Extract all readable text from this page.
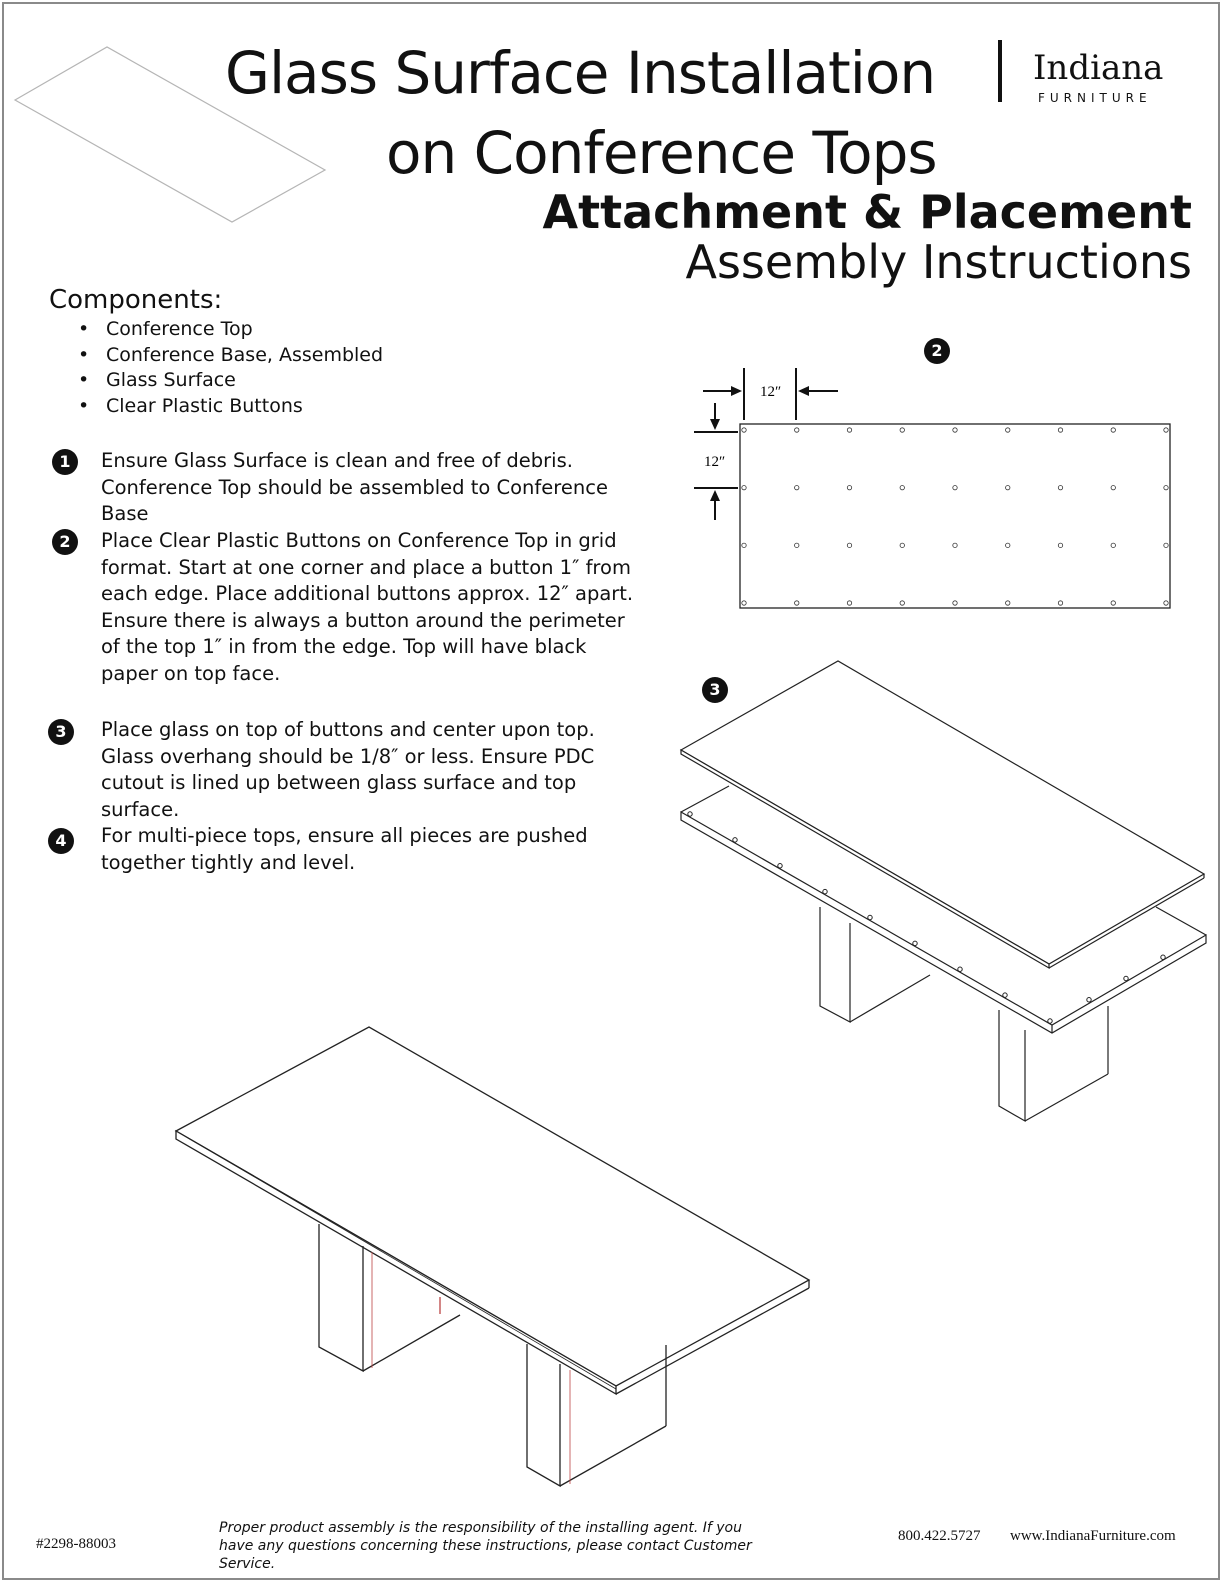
12″
12″
Glass Surface Installation
on Conference Tops
Indiana
FURNITURE
Attachment & Placement
Assembly Instructions
Components:
• Conference Top
• Conference Base, Assembled
• Glass Surface
• Clear Plastic Buttons
1	Ensure Glass Surface is clean and free of debris. Conference Top should be assembled to Conference Base
2	Place Clear Plastic Buttons on Conference Top in grid format. Start at one corner and place a button 1″ from each edge. Place additional buttons approx. 12″ apart. Ensure there is always a button around the perimeter of the top 1″ in from the edge. Top will have black paper on top face.
3	Place glass on top of buttons and center upon top. Glass overhang should be 1/8″ or less. Ensure PDC cutout is lined up between glass surface and top surface.
4	For multi-piece tops, ensure all pieces are pushed together tightly and level.
2
3
#2298-88003
Proper product assembly is the responsibility of the installing agent. If you have any questions concerning these instructions, please contact Customer Service.
800.422.5727 www.IndianaFurniture.com
